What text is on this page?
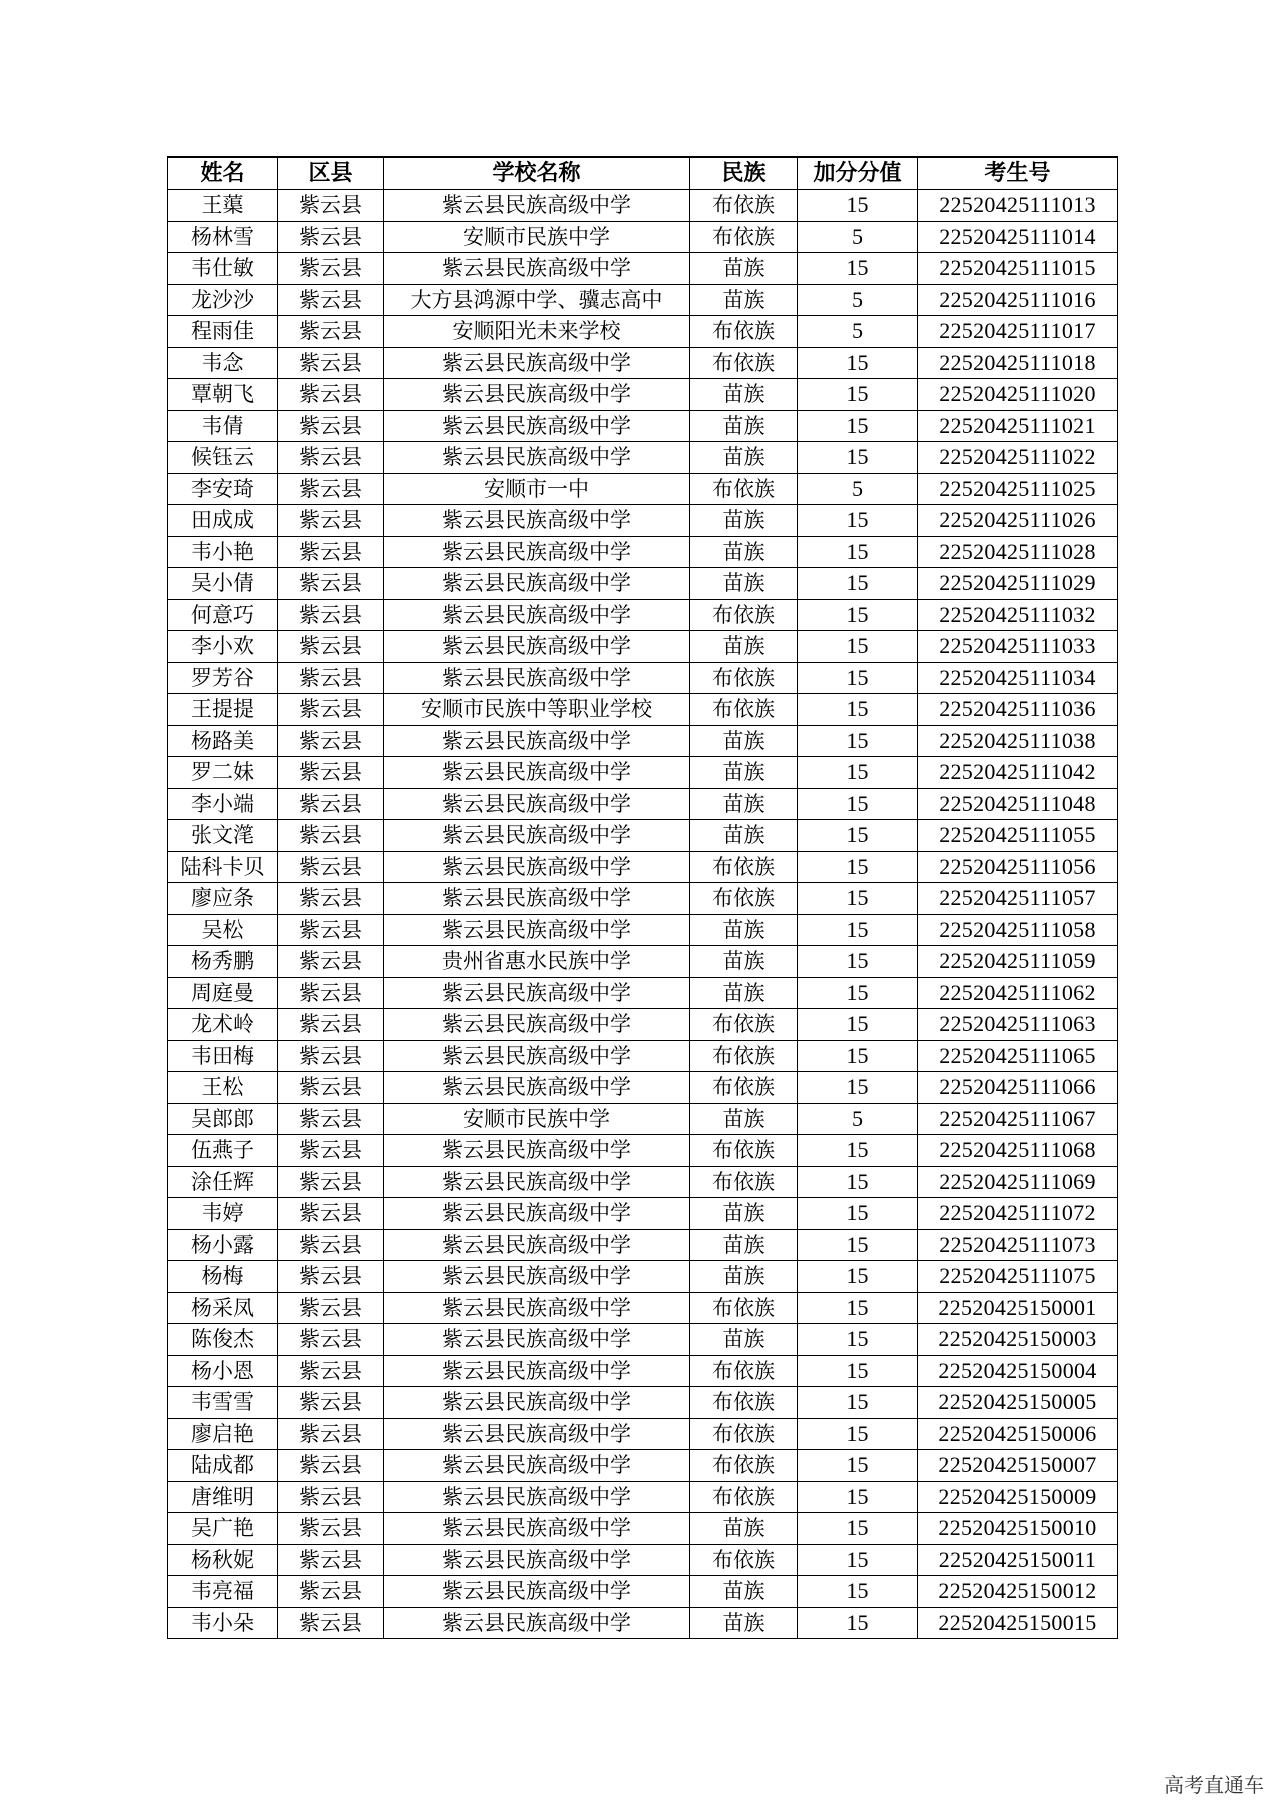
姓名	区县	学校名称	民族	加分分值	考生号
王蕖	紫云县	紫云县民族高级中学	布依族	15	22520425111013
杨林雪	紫云县	安顺市民族中学	布依族	5	22520425111014
韦仕敏	紫云县	紫云县民族高级中学	苗族	15	22520425111015
龙沙沙	紫云县	大方县鸿源中学、骥志高中	苗族	5	22520425111016
程雨佳	紫云县	安顺阳光未来学校	布依族	5	22520425111017
韦念	紫云县	紫云县民族高级中学	布依族	15	22520425111018
覃朝飞	紫云县	紫云县民族高级中学	苗族	15	22520425111020
韦倩	紫云县	紫云县民族高级中学	苗族	15	22520425111021
候钰云	紫云县	紫云县民族高级中学	苗族	15	22520425111022
李安琦	紫云县	安顺市一中	布依族	5	22520425111025
田成成	紫云县	紫云县民族高级中学	苗族	15	22520425111026
韦小艳	紫云县	紫云县民族高级中学	苗族	15	22520425111028
吴小倩	紫云县	紫云县民族高级中学	苗族	15	22520425111029
何意巧	紫云县	紫云县民族高级中学	布依族	15	22520425111032
李小欢	紫云县	紫云县民族高级中学	苗族	15	22520425111033
罗芳谷	紫云县	紫云县民族高级中学	布依族	15	22520425111034
王提提	紫云县	安顺市民族中等职业学校	布依族	15	22520425111036
杨路美	紫云县	紫云县民族高级中学	苗族	15	22520425111038
罗二妹	紫云县	紫云县民族高级中学	苗族	15	22520425111042
李小端	紫云县	紫云县民族高级中学	苗族	15	22520425111048
张文滗	紫云县	紫云县民族高级中学	苗族	15	22520425111055
陆科卡贝	紫云县	紫云县民族高级中学	布依族	15	22520425111056
廖应条	紫云县	紫云县民族高级中学	布依族	15	22520425111057
吴松	紫云县	紫云县民族高级中学	苗族	15	22520425111058
杨秀鹏	紫云县	贵州省惠水民族中学	苗族	15	22520425111059
周庭曼	紫云县	紫云县民族高级中学	苗族	15	22520425111062
龙术岭	紫云县	紫云县民族高级中学	布依族	15	22520425111063
韦田梅	紫云县	紫云县民族高级中学	布依族	15	22520425111065
王松	紫云县	紫云县民族高级中学	布依族	15	22520425111066
吴郎郎	紫云县	安顺市民族中学	苗族	5	22520425111067
伍燕子	紫云县	紫云县民族高级中学	布依族	15	22520425111068
涂任辉	紫云县	紫云县民族高级中学	布依族	15	22520425111069
韦婷	紫云县	紫云县民族高级中学	苗族	15	22520425111072
杨小露	紫云县	紫云县民族高级中学	苗族	15	22520425111073
杨梅	紫云县	紫云县民族高级中学	苗族	15	22520425111075
杨采凤	紫云县	紫云县民族高级中学	布依族	15	22520425150001
陈俊杰	紫云县	紫云县民族高级中学	苗族	15	22520425150003
杨小恩	紫云县	紫云县民族高级中学	布依族	15	22520425150004
韦雪雪	紫云县	紫云县民族高级中学	布依族	15	22520425150005
廖启艳	紫云县	紫云县民族高级中学	布依族	15	22520425150006
陆成都	紫云县	紫云县民族高级中学	布依族	15	22520425150007
唐维明	紫云县	紫云县民族高级中学	布依族	15	22520425150009
吴广艳	紫云县	紫云县民族高级中学	苗族	15	22520425150010
杨秋妮	紫云县	紫云县民族高级中学	布依族	15	22520425150011
韦亮福	紫云县	紫云县民族高级中学	苗族	15	22520425150012
韦小朵	紫云县	紫云县民族高级中学	苗族	15	22520425150015
高考直通车
